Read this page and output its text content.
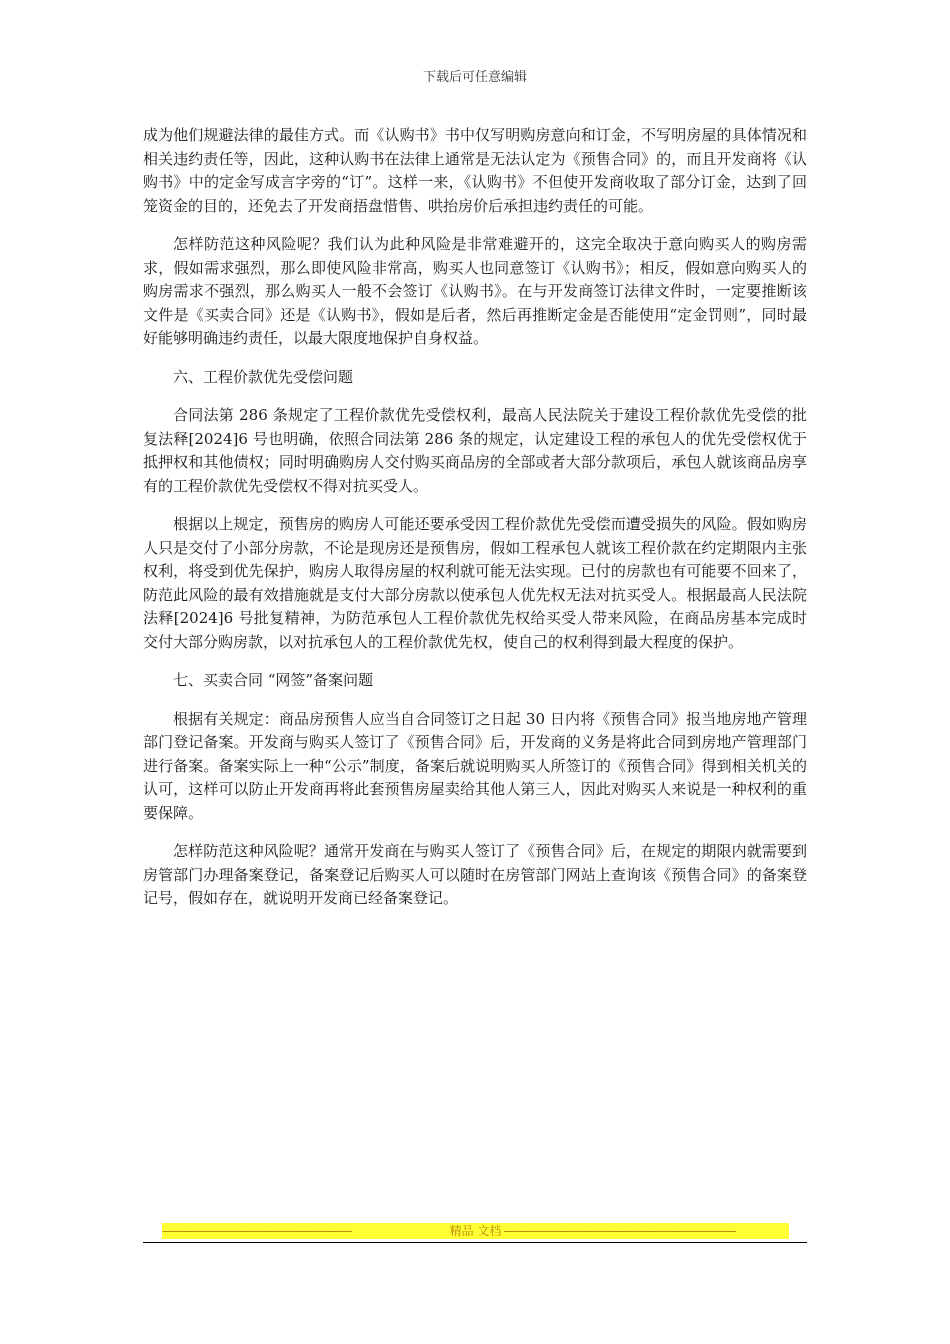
下载后可任意编辑

成为他们规避法律的最佳方式。而《认购书》书中仅写明购房意向和订金，不写明房屋的具体情况和相关违约责任等，因此，这种认购书在法律上通常是无法认定为《预售合同》的，而且开发商将《认购书》中的定金写成言字旁的“订”。这样一来，《认购书》不但使开发商收取了部分订金，达到了回笼资金的目的，还免去了开发商捂盘惜售、哄抬房价后承担违约责任的可能。

怎样防范这种风险呢？我们认为此种风险是非常难避开的，这完全取决于意向购买人的购房需求，假如需求强烈，那么即使风险非常高，购买人也同意签订《认购书》；相反，假如意向购买人的购房需求不强烈，那么购买人一般不会签订《认购书》。在与开发商签订法律文件时，一定要推断该文件是《买卖合同》还是《认购书》，假如是后者，然后再推断定金是否能使用“定金罚则”，同时最好能够明确违约责任，以最大限度地保护自身权益。

六、工程价款优先受偿问题

合同法第 286 条规定了工程价款优先受偿权利，最高人民法院关于建设工程价款优先受偿的批复法释[2024]6 号也明确，依照合同法第 286 条的规定，认定建设工程的承包人的优先受偿权优于抵押权和其他债权；同时明确购房人交付购买商品房的全部或者大部分款项后，承包人就该商品房享有的工程价款优先受偿权不得对抗买受人。

根据以上规定，预售房的购房人可能还要承受因工程价款优先受偿而遭受损失的风险。假如购房人只是交付了小部分房款，不论是现房还是预售房，假如工程承包人就该工程价款在约定期限内主张权利，将受到优先保护，购房人取得房屋的权利就可能无法实现。已付的房款也有可能要不回来了，防范此风险的最有效措施就是支付大部分房款以使承包人优先权无法对抗买受人。根据最高人民法院法释[2024]6 号批复精神，为防范承包人工程价款优先权给买受人带来风险，在商品房基本完成时交付大部分购房款，以对抗承包人的工程价款优先权，使自己的权利得到最大程度的保护。

七、买卖合同 “网签”备案问题

根据有关规定：商品房预售人应当自合同签订之日起 30 日内将《预售合同》报当地房地产管理部门登记备案。开发商与购买人签订了《预售合同》后，开发商的义务是将此合同到房地产管理部门进行备案。备案实际上一种“公示”制度，备案后就说明购买人所签订的《预售合同》得到相关机关的认可，这样可以防止开发商再将此套预售房屋卖给其他人第三人，因此对购买人来说是一种权利的重要保障。

怎样防范这种风险呢？通常开发商在与购买人签订了《预售合同》后，在规定的期限内就需要到房管部门办理备案登记，备案登记后购买人可以随时在房管部门网站上查询该《预售合同》的备案登记号，假如存在，就说明开发商已经备案登记。

--------------------------------------------------------------	精品 文档 ----------------------------------------------------------------------------
